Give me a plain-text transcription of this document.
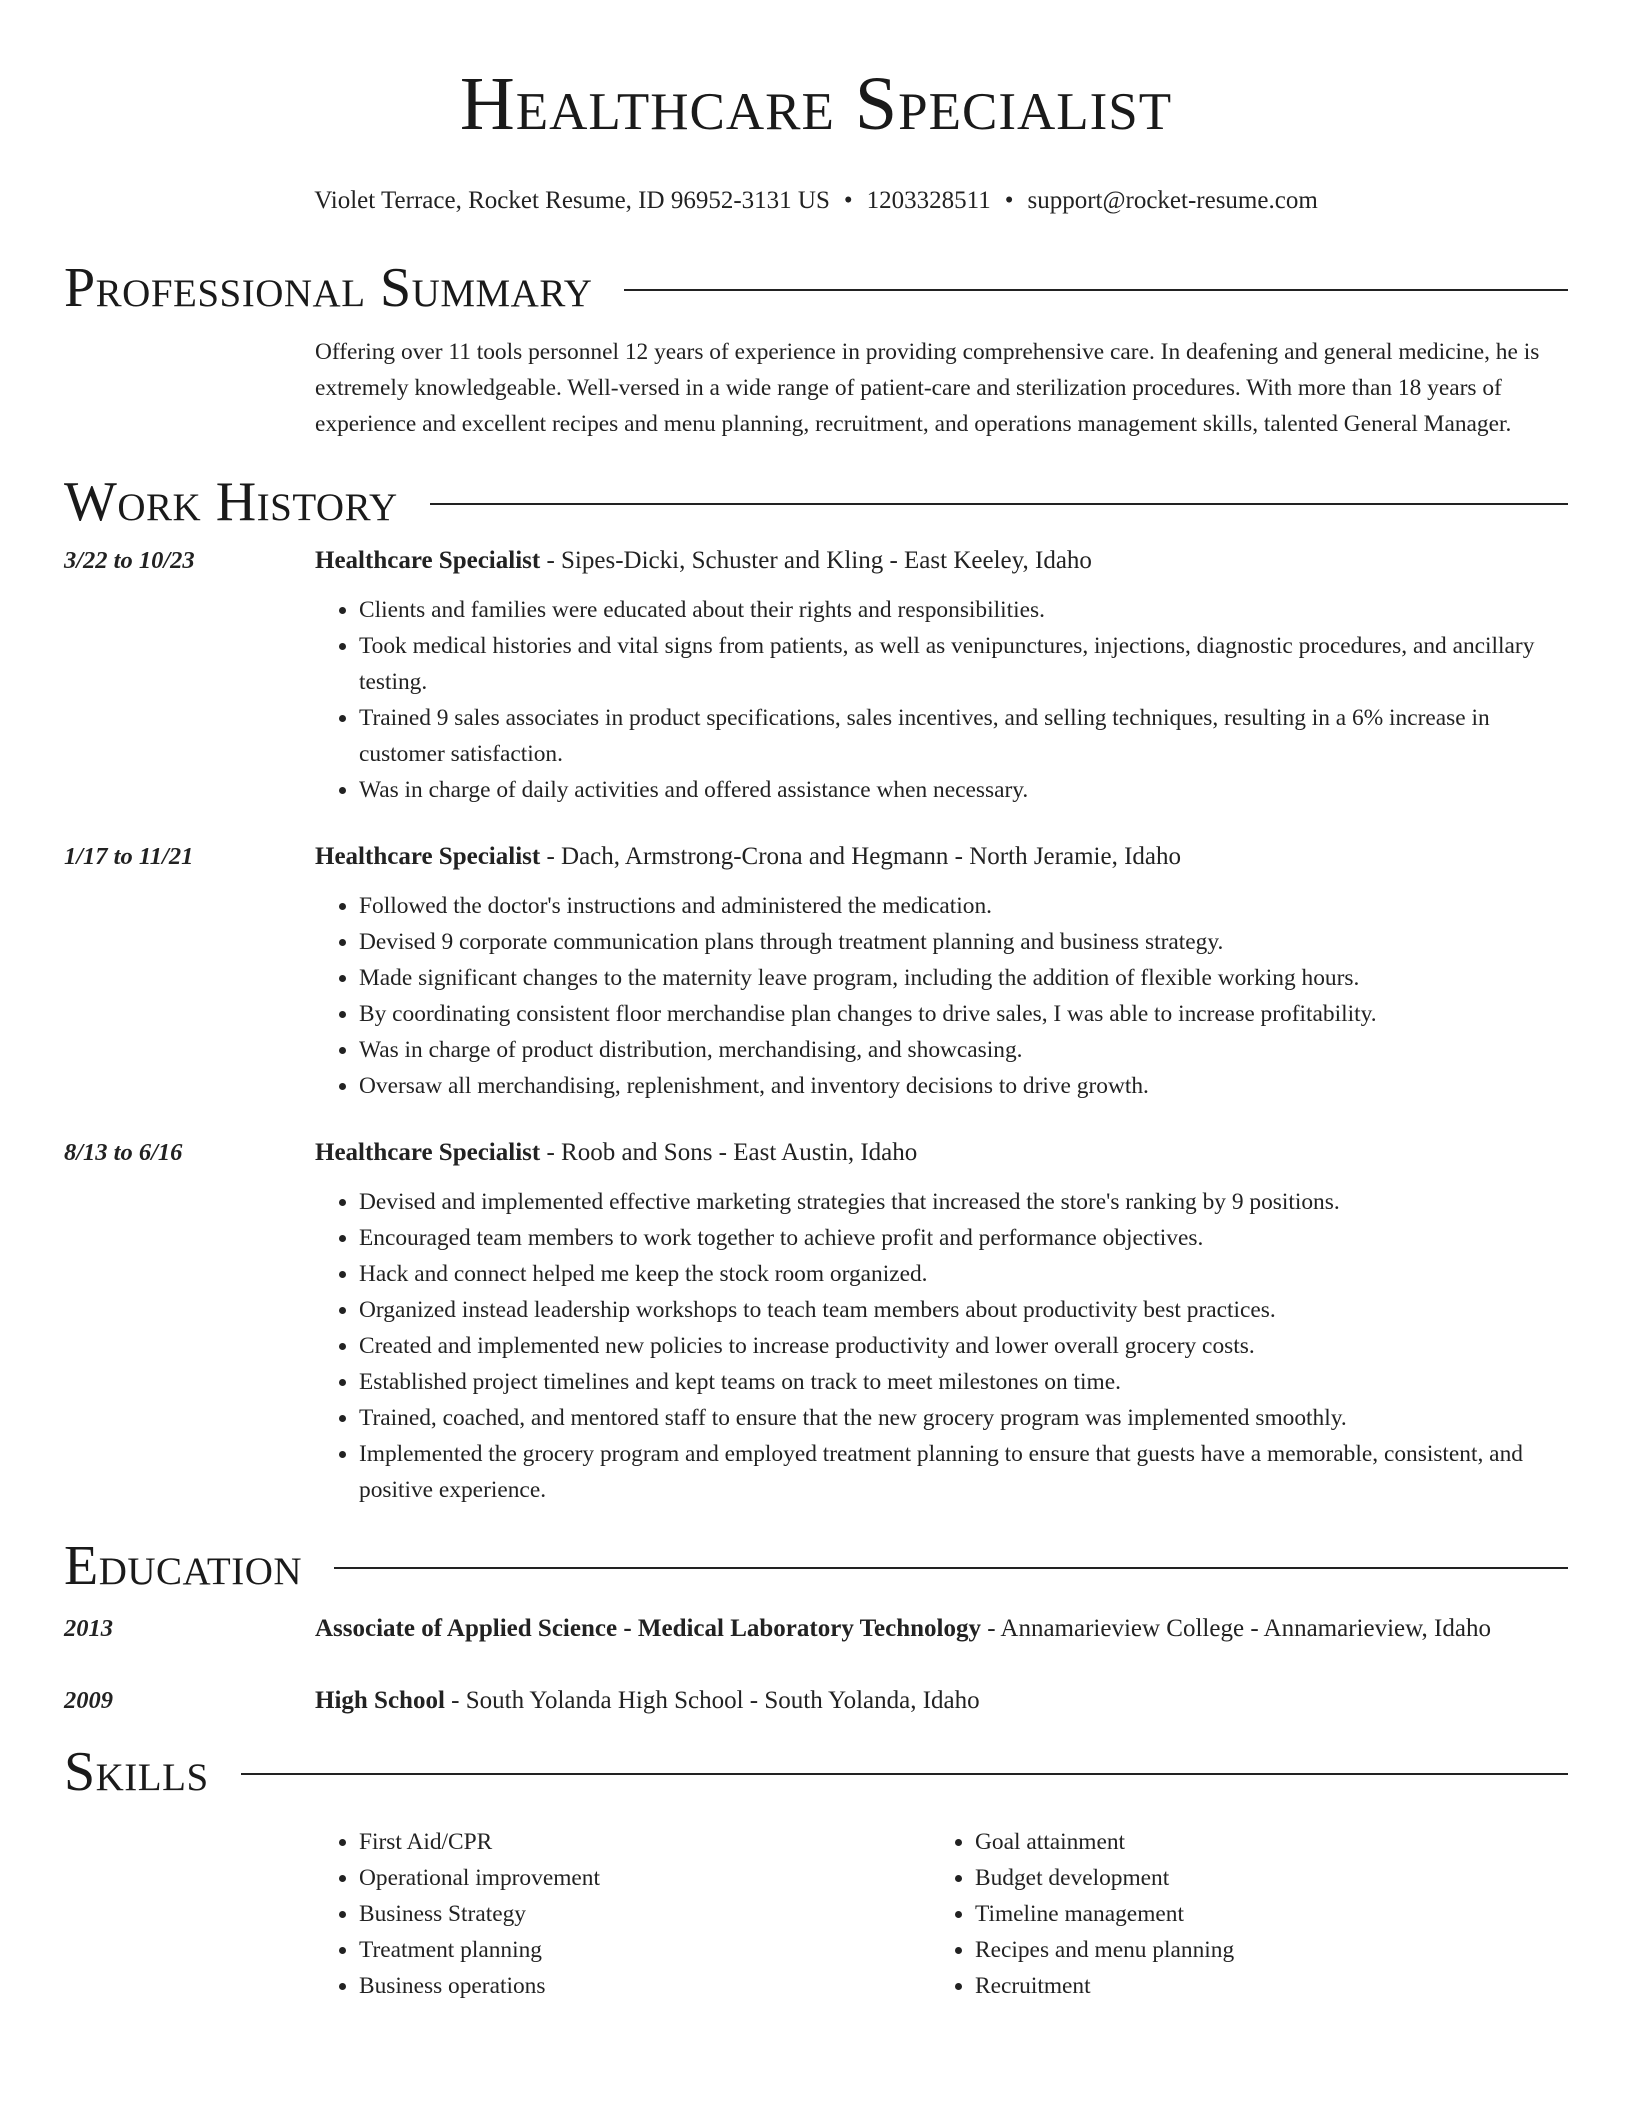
Healthcare Specialist
Violet Terrace, Rocket Resume, ID 96952-3131 US • 1203328511 • support@rocket-resume.com
Professional Summary

Offering over 11 tools personnel 12 years of experience in providing comprehensive care. In deafening and general medicine, he is extremely knowledgeable. Well-versed in a wide range of patient-care and sterilization procedures. With more than 18 years of experience and excellent recipes and menu planning, recruitment, and operations management skills, talented General Manager.

Work History
3/22 to 10/23	Healthcare Specialist - Sipes-Dicki, Schuster and Kling - East Keeley, Idaho
• Clients and families were educated about their rights and responsibilities.
• Took medical histories and vital signs from patients, as well as venipunctures, injections, diagnostic procedures, and ancillary testing.
• Trained 9 sales associates in product specifications, sales incentives, and selling techniques, resulting in a 6% increase in customer satisfaction.
• Was in charge of daily activities and offered assistance when necessary.
1/17 to 11/21	Healthcare Specialist - Dach, Armstrong-Crona and Hegmann - North Jeramie, Idaho
• Followed the doctor's instructions and administered the medication.
• Devised 9 corporate communication plans through treatment planning and business strategy.
• Made significant changes to the maternity leave program, including the addition of flexible working hours.
• By coordinating consistent floor merchandise plan changes to drive sales, I was able to increase profitability.
• Was in charge of product distribution, merchandising, and showcasing.
• Oversaw all merchandising, replenishment, and inventory decisions to drive growth.
8/13 to 6/16	Healthcare Specialist - Roob and Sons - East Austin, Idaho
• Devised and implemented effective marketing strategies that increased the store's ranking by 9 positions.
• Encouraged team members to work together to achieve profit and performance objectives.
• Hack and connect helped me keep the stock room organized.
• Organized instead leadership workshops to teach team members about productivity best practices.
• Created and implemented new policies to increase productivity and lower overall grocery costs.
• Established project timelines and kept teams on track to meet milestones on time.
• Trained, coached, and mentored staff to ensure that the new grocery program was implemented smoothly.
• Implemented the grocery program and employed treatment planning to ensure that guests have a memorable, consistent, and positive experience.
Education
2013	Associate of Applied Science - Medical Laboratory Technology - Annamarieview College - Annamarieview, Idaho
2009	High School - South Yolanda High School - South Yolanda, Idaho
Skills
• First Aid/CPR
• Operational improvement
• Business Strategy
• Treatment planning
• Business operations
• Goal attainment
• Budget development
• Timeline management
• Recipes and menu planning
• Recruitment
